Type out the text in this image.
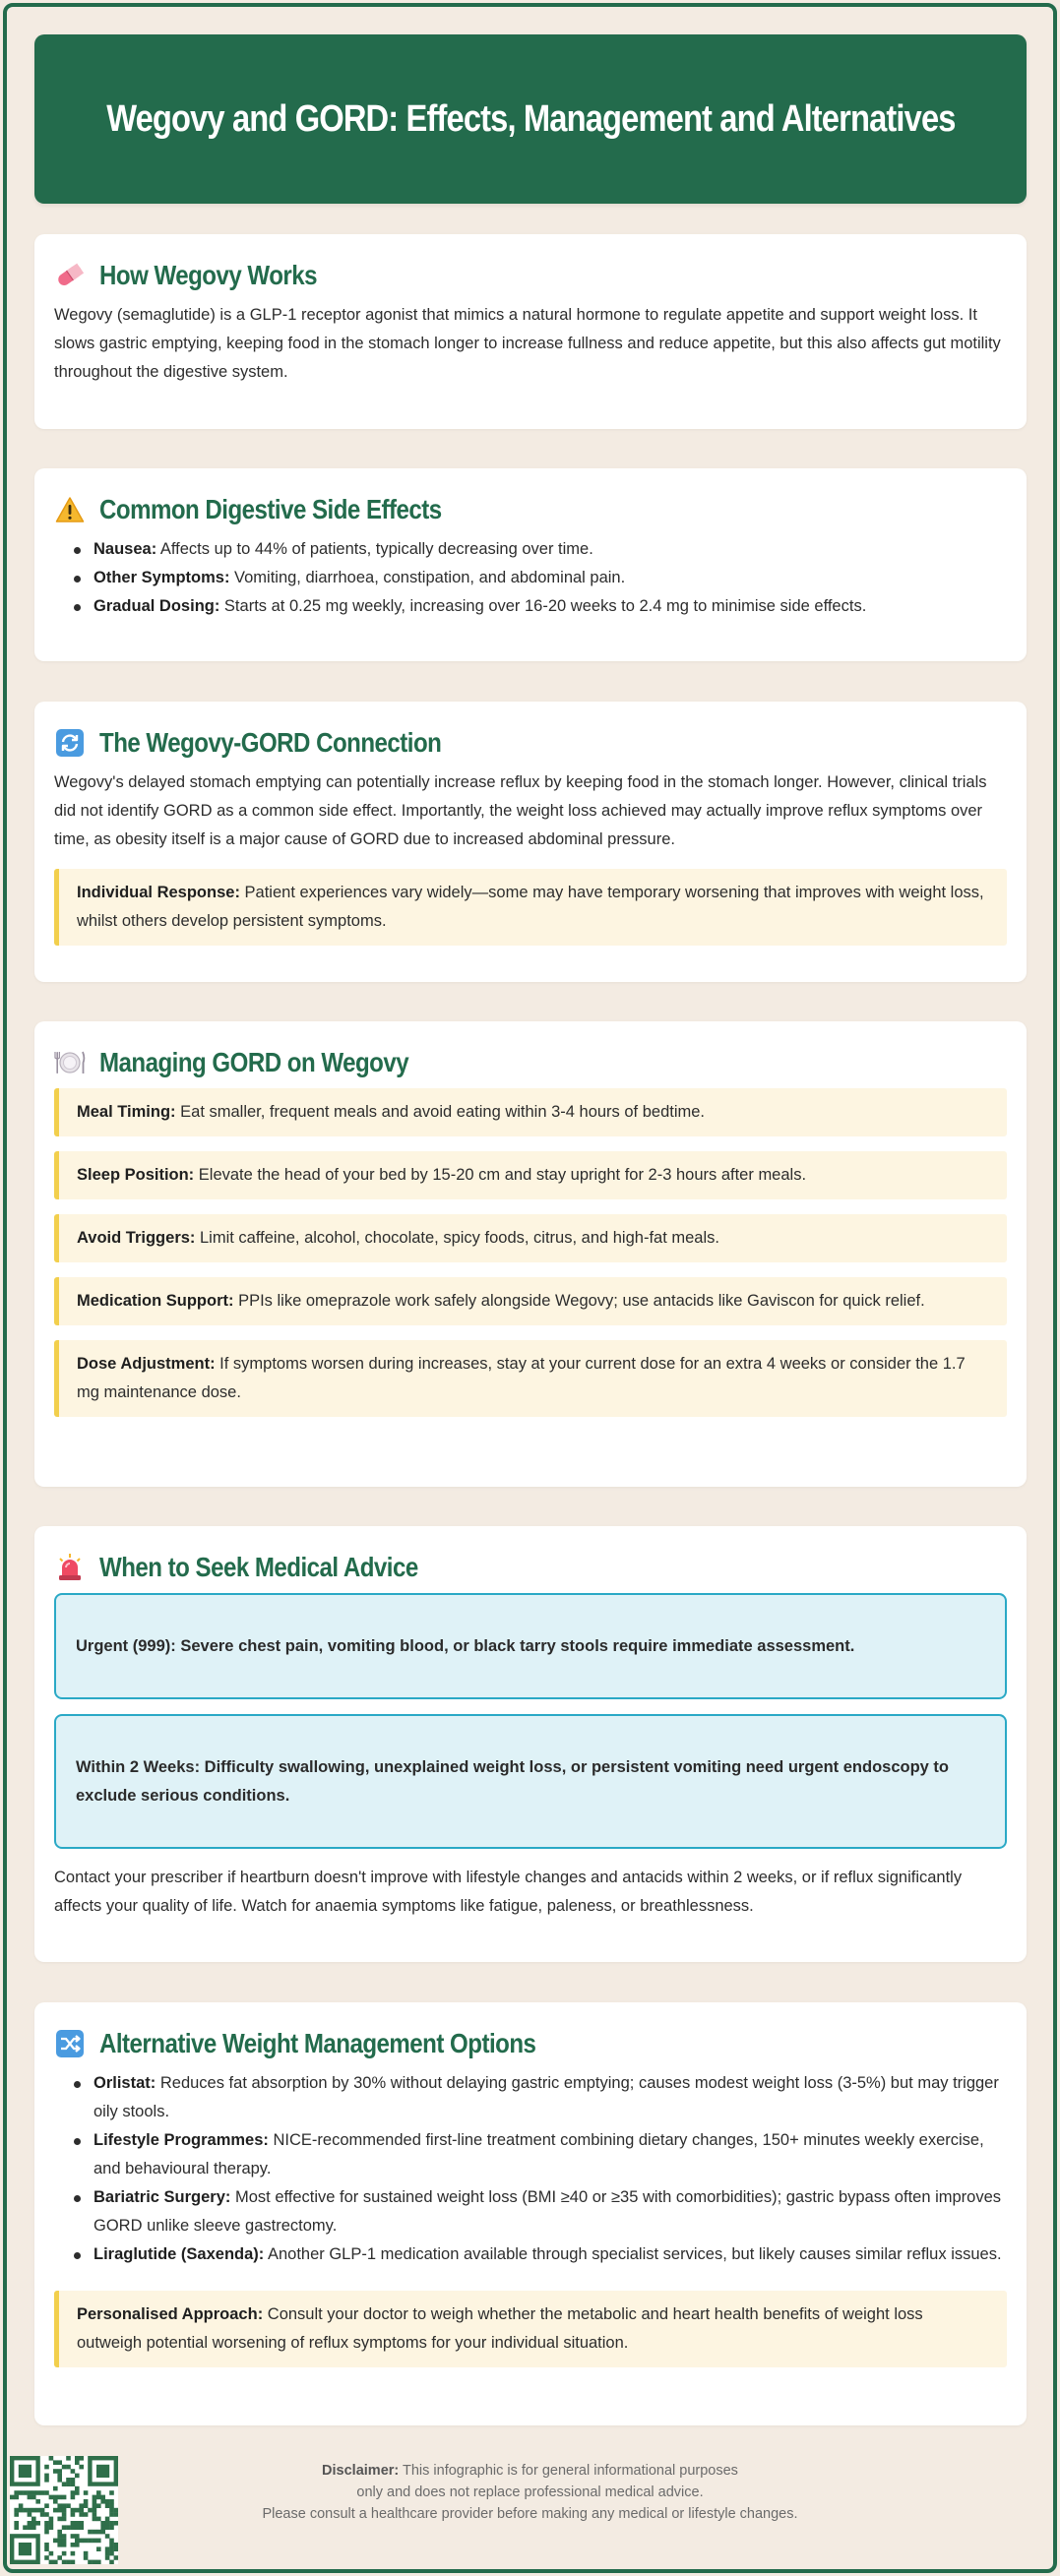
Wegovy and GORD: Effects, Management and Alternatives
How Wegovy Works

Wegovy (semaglutide) is a GLP-1 receptor agonist that mimics a natural hormone to regulate appetite and support weight loss. It slows gastric emptying, keeping food in the stomach longer to increase fullness and reduce appetite, but this also affects gut motility throughout the digestive system.

Common Digestive Side Effects
Nausea: Affects up to 44% of patients, typically decreasing over time.
Other Symptoms: Vomiting, diarrhoea, constipation, and abdominal pain.
Gradual Dosing: Starts at 0.25 mg weekly, increasing over 16-20 weeks to 2.4 mg to minimise side effects.
The Wegovy-GORD Connection

Wegovy's delayed stomach emptying can potentially increase reflux by keeping food in the stomach longer. However, clinical trials did not identify GORD as a common side effect. Importantly, the weight loss achieved may actually improve reflux symptoms over time, as obesity itself is a major cause of GORD due to increased abdominal pressure.

Individual Response: Patient experiences vary widely—some may have temporary worsening that improves with weight loss, whilst others develop persistent symptoms.
Managing GORD on Wegovy
Meal Timing: Eat smaller, frequent meals and avoid eating within 3-4 hours of bedtime.
Sleep Position: Elevate the head of your bed by 15-20 cm and stay upright for 2-3 hours after meals.
Avoid Triggers: Limit caffeine, alcohol, chocolate, spicy foods, citrus, and high-fat meals.
Medication Support: PPIs like omeprazole work safely alongside Wegovy; use antacids like Gaviscon for quick relief.
Dose Adjustment: If symptoms worsen during increases, stay at your current dose for an extra 4 weeks or consider the 1.7 mg maintenance dose.
When to Seek Medical Advice
Urgent (999): Severe chest pain, vomiting blood, or black tarry stools require immediate assessment.
Within 2 Weeks: Difficulty swallowing, unexplained weight loss, or persistent vomiting need urgent endoscopy to exclude serious conditions.

Contact your prescriber if heartburn doesn't improve with lifestyle changes and antacids within 2 weeks, or if reflux significantly affects your quality of life. Watch for anaemia symptoms like fatigue, paleness, or breathlessness.

Alternative Weight Management Options
Orlistat: Reduces fat absorption by 30% without delaying gastric emptying; causes modest weight loss (3-5%) but may trigger oily stools.
Lifestyle Programmes: NICE-recommended first-line treatment combining dietary changes, 150+ minutes weekly exercise, and behavioural therapy.
Bariatric Surgery: Most effective for sustained weight loss (BMI ≥40 or ≥35 with comorbidities); gastric bypass often improves GORD unlike sleeve gastrectomy.
Liraglutide (Saxenda): Another GLP-1 medication available through specialist services, but likely causes similar reflux issues.
Personalised Approach: Consult your doctor to weigh whether the metabolic and heart health benefits of weight loss outweigh potential worsening of reflux symptoms for your individual situation.
Disclaimer: This infographic is for general informational purposes
only and does not replace professional medical advice.
Please consult a healthcare provider before making any medical or lifestyle changes.
